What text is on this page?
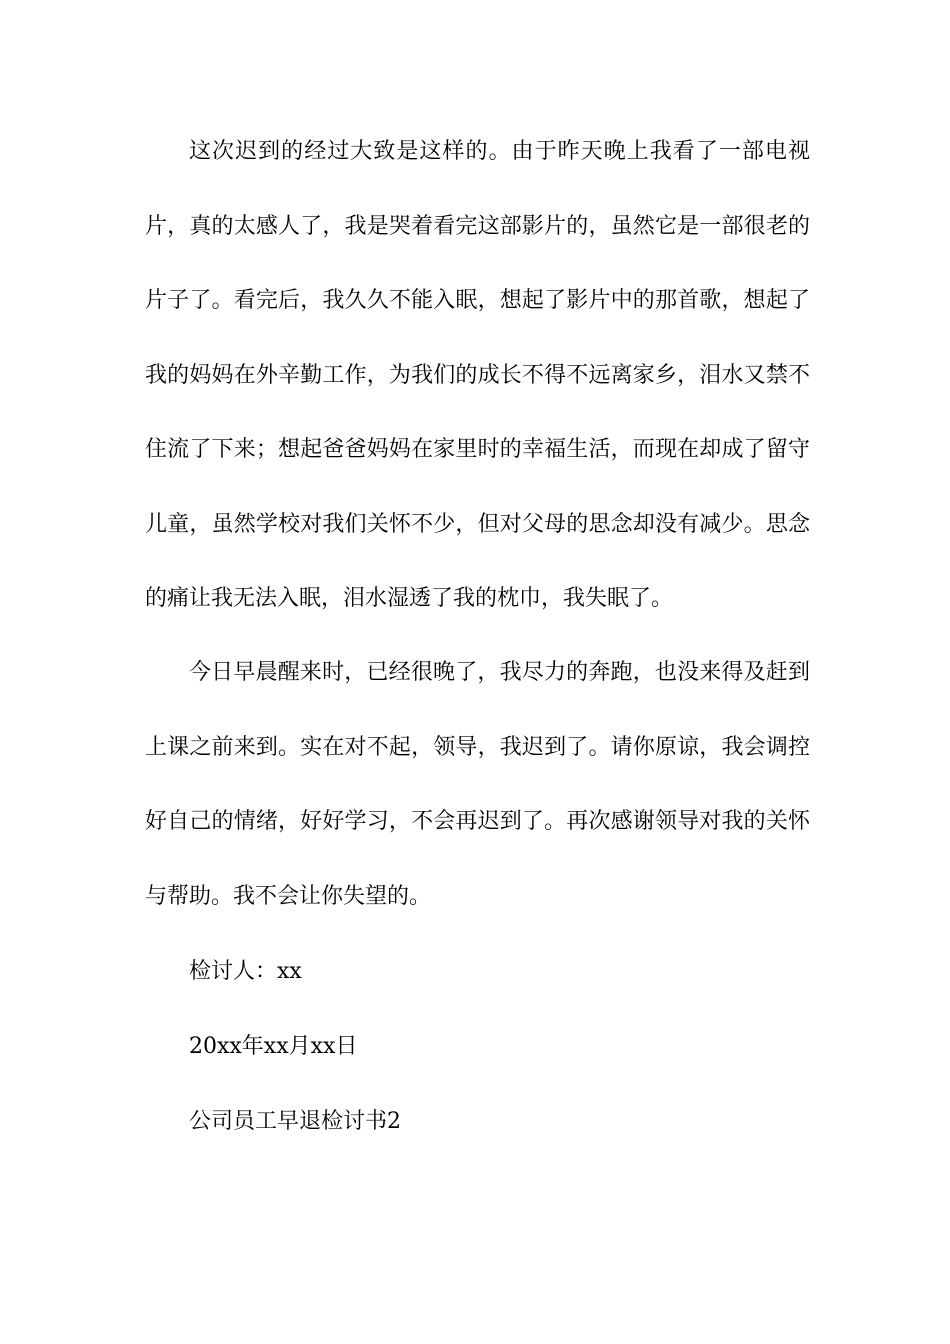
这次迟到的经过大致是这样的。由于昨天晚上我看了一部电视片，真的太感人了，我是哭着看完这部影片的，虽然它是一部很老的片子了。看完后，我久久不能入眠，想起了影片中的那首歌，想起了我的妈妈在外辛勤工作，为我们的成长不得不远离家乡，泪水又禁不住流了下来；想起爸爸妈妈在家里时的幸福生活，而现在却成了留守儿童，虽然学校对我们关怀不少，但对父母的思念却没有减少。思念的痛让我无法入眠，泪水湿透了我的枕巾，我失眠了。

今日早晨醒来时，已经很晚了，我尽力的奔跑，也没来得及赶到上课之前来到。实在对不起，领导，我迟到了。请你原谅，我会调控好自己的情绪，好好学习，不会再迟到了。再次感谢领导对我的关怀与帮助。我不会让你失望的。

检讨人：xx

20xx年xx月xx日

公司员工早退检讨书2
